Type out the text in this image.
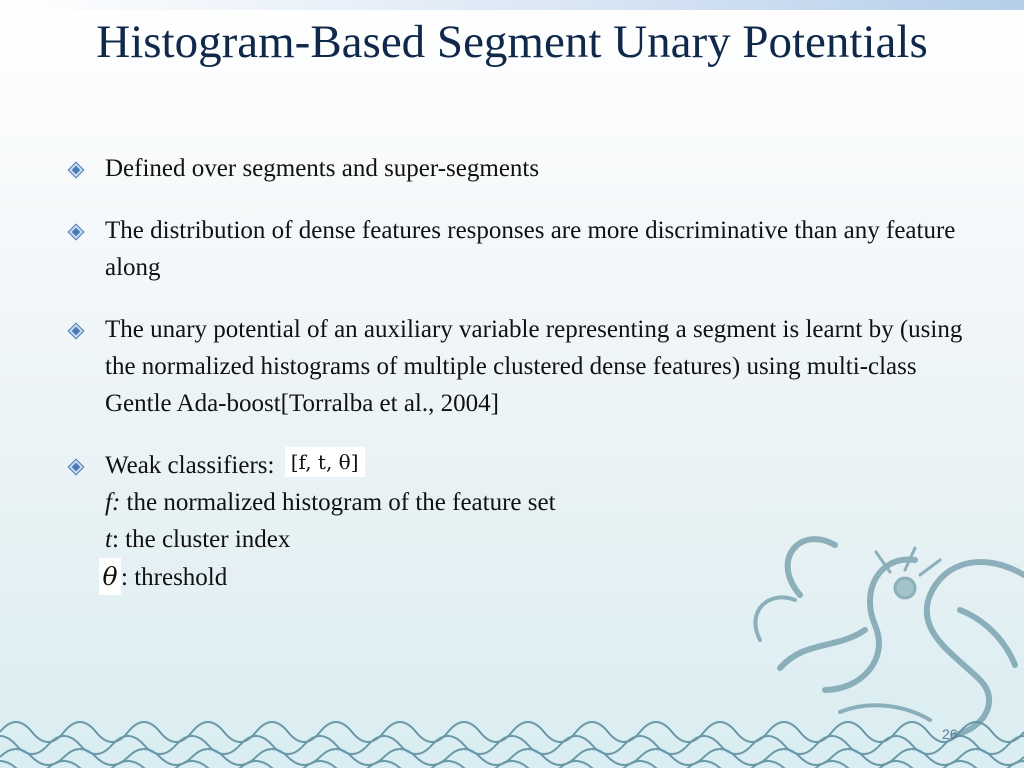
Histogram-Based Segment Unary Potentials
Defined over segments and super-segments
The distribution of dense features responses are more discriminative than any feature along
The unary potential of an auxiliary variable representing a segment is learnt by (using the normalized histograms of multiple clustered dense features) using multi-class Gentle Ada-boost[Torralba et al., 2004]
Weak classifiers: [f, t, θ]
f: the normalized histogram of the feature set
t: the cluster index
θ : threshold
26
